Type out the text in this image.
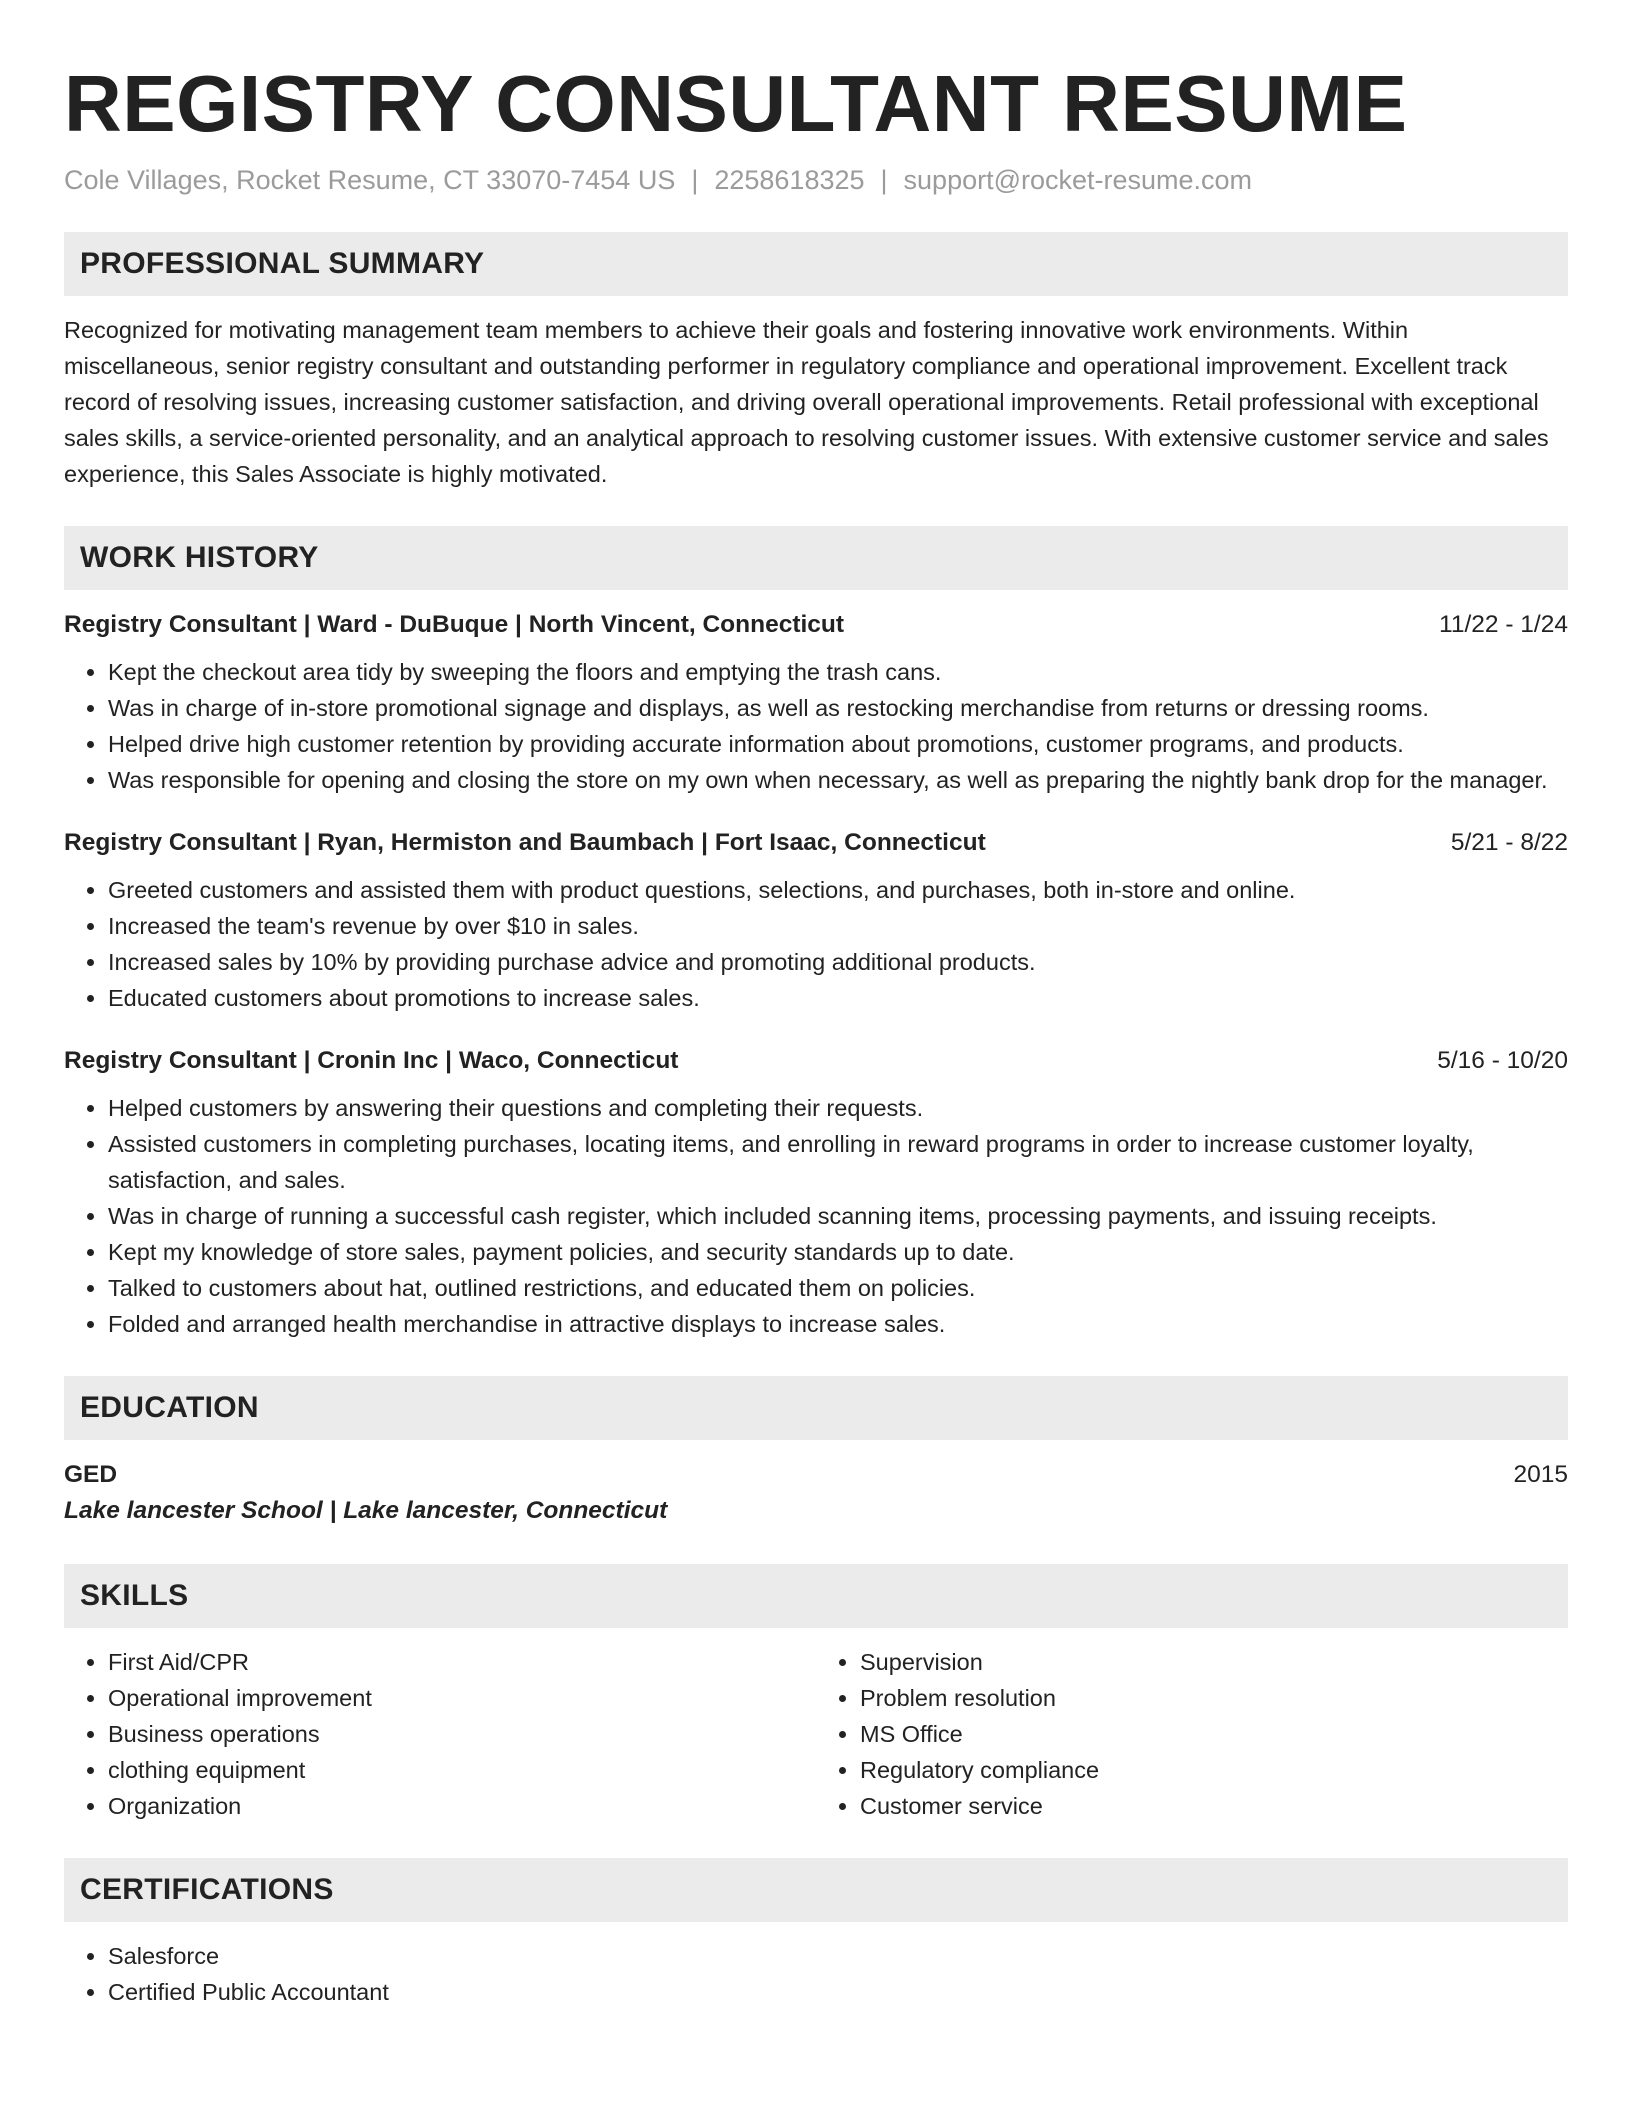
REGISTRY CONSULTANT RESUME
Cole Villages, Rocket Resume, CT 33070-7454 US | 2258618325 | support@rocket-resume.com
PROFESSIONAL SUMMARY

Recognized for motivating management team members to achieve their goals and fostering innovative work environments. Within miscellaneous, senior registry consultant and outstanding performer in regulatory compliance and operational improvement. Excellent track record of resolving issues, increasing customer satisfaction, and driving overall operational improvements. Retail professional with exceptional sales skills, a service-oriented personality, and an analytical approach to resolving customer issues. With extensive customer service and sales experience, this Sales Associate is highly motivated.

WORK HISTORY
Registry Consultant | Ward - DuBuque | North Vincent, Connecticut	11/22 - 1/24
• Kept the checkout area tidy by sweeping the floors and emptying the trash cans.
• Was in charge of in-store promotional signage and displays, as well as restocking merchandise from returns or dressing rooms.
• Helped drive high customer retention by providing accurate information about promotions, customer programs, and products.
• Was responsible for opening and closing the store on my own when necessary, as well as preparing the nightly bank drop for the manager.
Registry Consultant | Ryan, Hermiston and Baumbach | Fort Isaac, Connecticut	5/21 - 8/22
• Greeted customers and assisted them with product questions, selections, and purchases, both in-store and online.
• Increased the team's revenue by over $10 in sales.
• Increased sales by 10% by providing purchase advice and promoting additional products.
• Educated customers about promotions to increase sales.
Registry Consultant | Cronin Inc | Waco, Connecticut	5/16 - 10/20
• Helped customers by answering their questions and completing their requests.
• Assisted customers in completing purchases, locating items, and enrolling in reward programs in order to increase customer loyalty, satisfaction, and sales.
• Was in charge of running a successful cash register, which included scanning items, processing payments, and issuing receipts.
• Kept my knowledge of store sales, payment policies, and security standards up to date.
• Talked to customers about hat, outlined restrictions, and educated them on policies.
• Folded and arranged health merchandise in attractive displays to increase sales.
EDUCATION
GED	2015
Lake lancester School | Lake lancester, Connecticut
SKILLS
• First Aid/CPR
• Operational improvement
• Business operations
• clothing equipment
• Organization
• Supervision
• Problem resolution
• MS Office
• Regulatory compliance
• Customer service
CERTIFICATIONS
• Salesforce
• Certified Public Accountant
